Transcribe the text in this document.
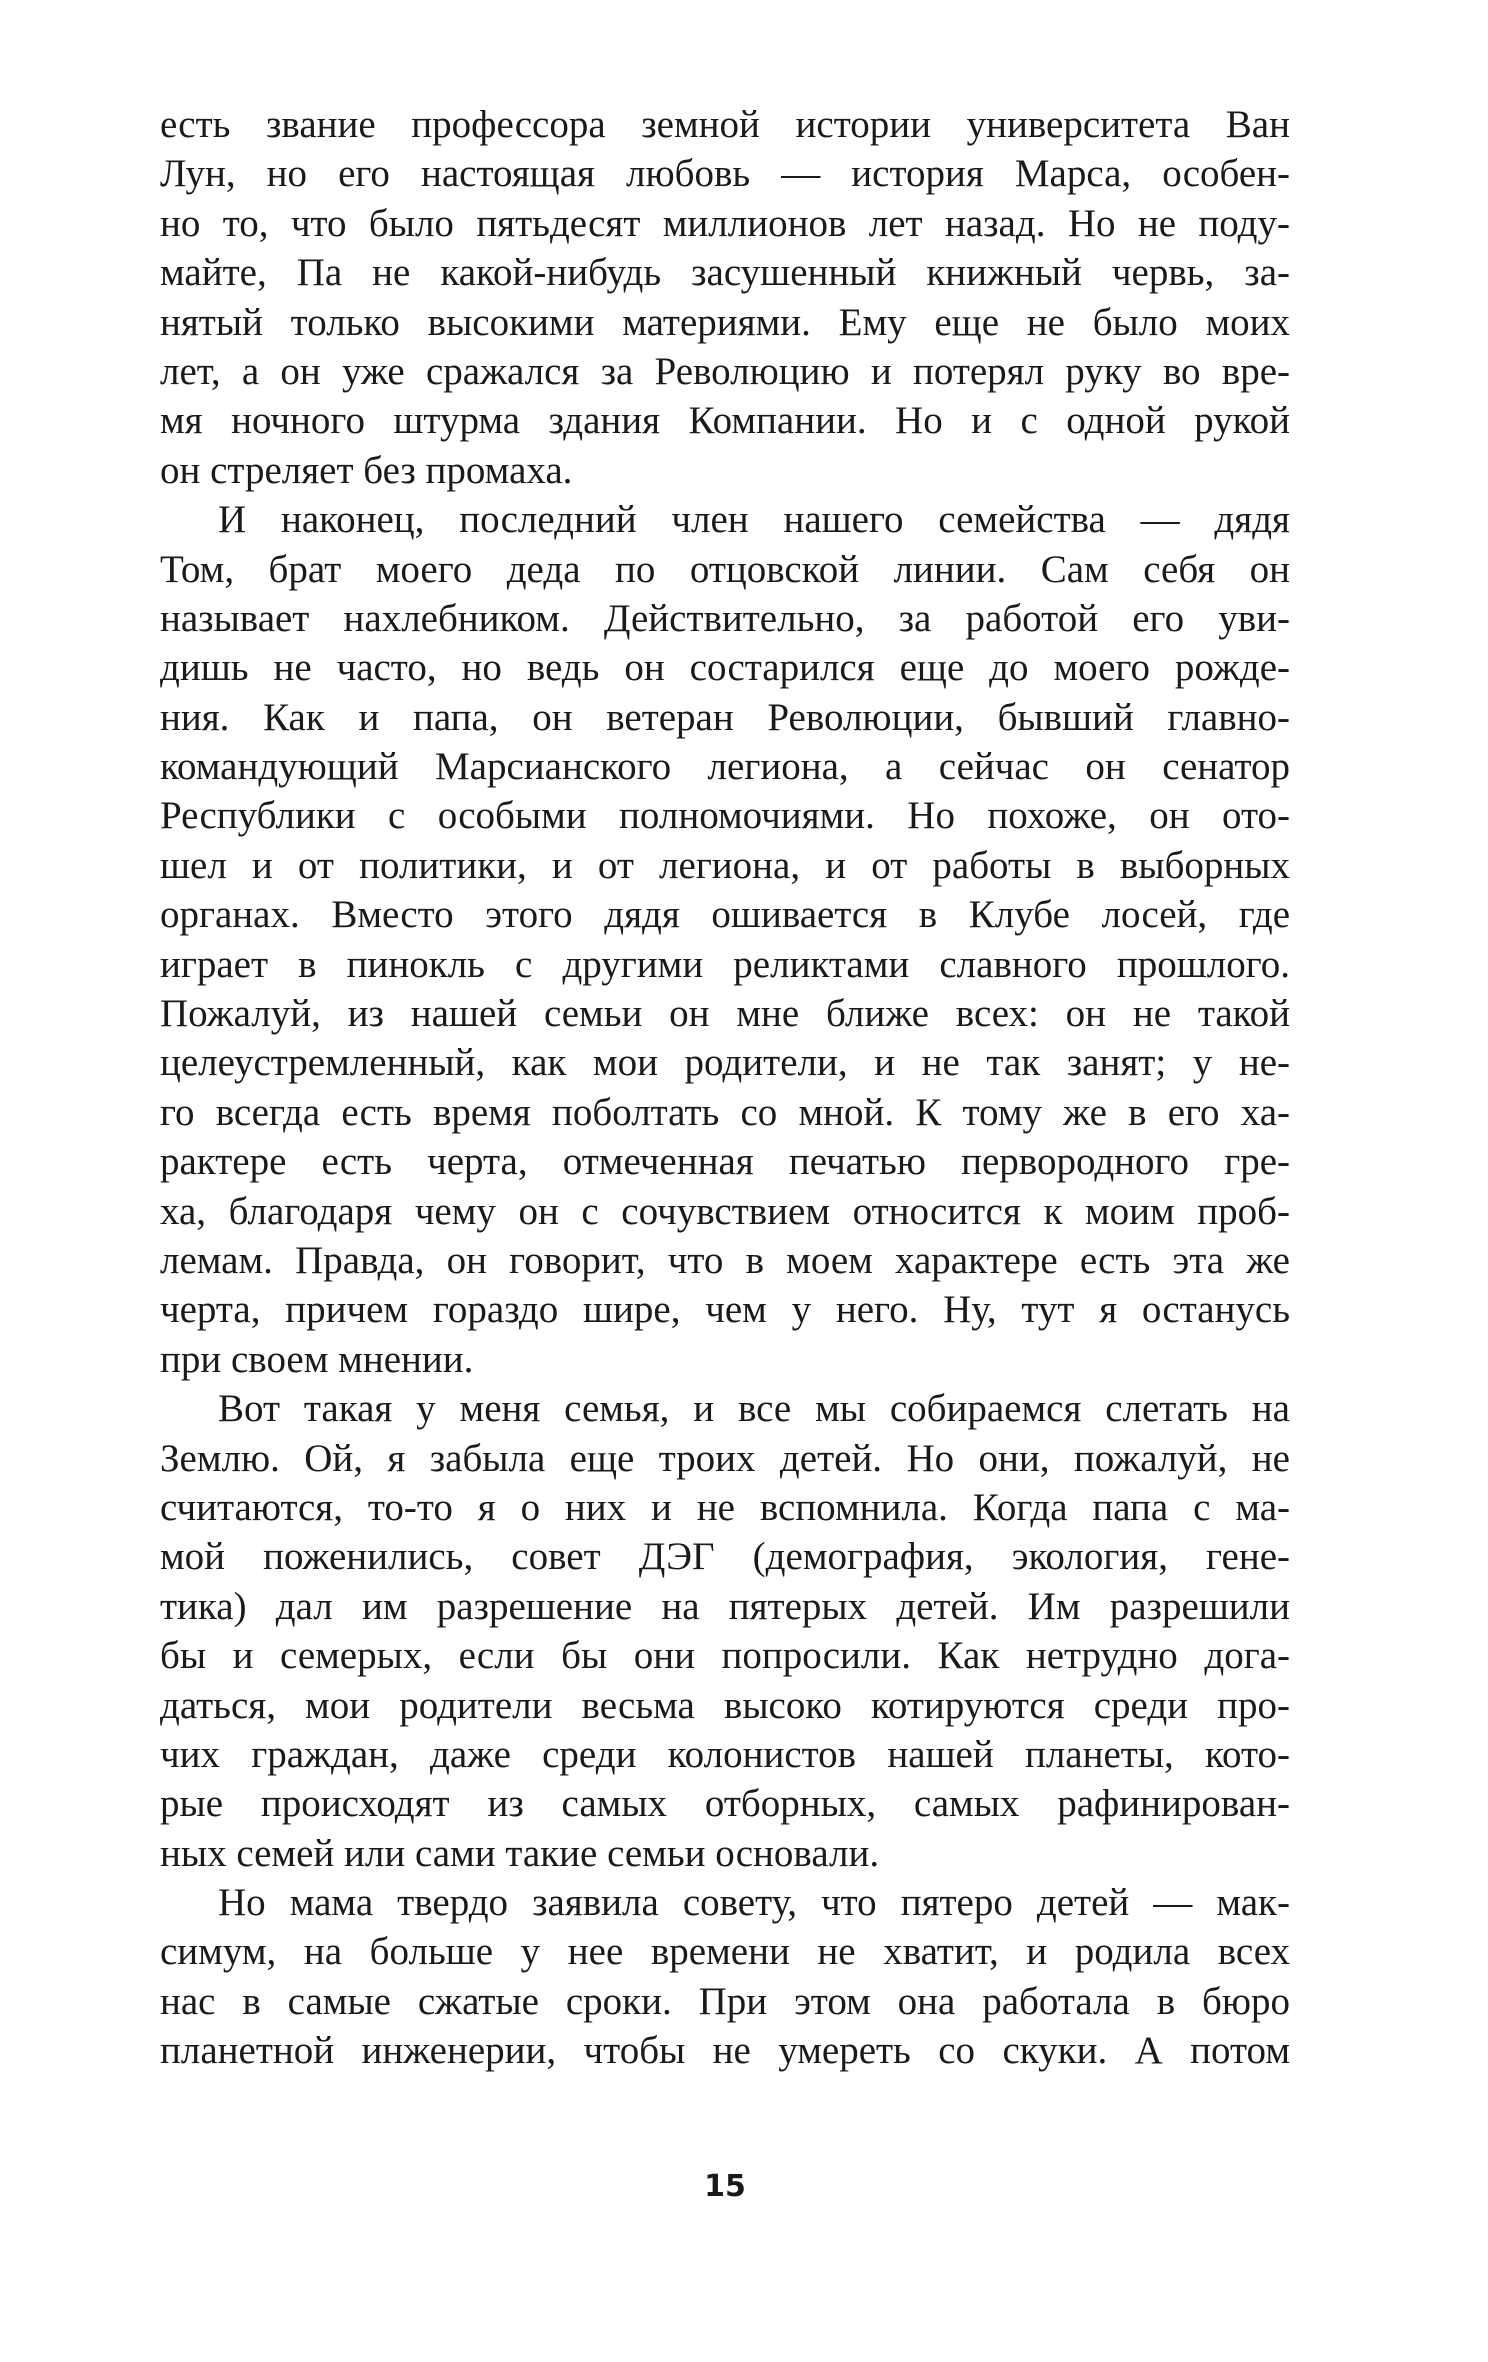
есть звание профессора земной истории университета Ван
Лун, но его настоящая любовь — история Марса, особен-
но то, что было пятьдесят миллионов лет назад. Но не поду-
майте, Па не какой-нибудь засушенный книжный червь, за-
нятый только высокими материями. Ему еще не было моих
лет, а он уже сражался за Революцию и потерял руку во вре-
мя ночного штурма здания Компании. Но и с одной рукой
он стреляет без промаха.
И наконец, последний член нашего семейства — дядя
Том, брат моего деда по отцовской линии. Сам себя он
называет нахлебником. Действительно, за работой его уви-
дишь не часто, но ведь он состарился еще до моего рожде-
ния. Как и папа, он ветеран Революции, бывший главно-
командующий Марсианского легиона, а сейчас он сенатор
Республики с особыми полномочиями. Но похоже, он ото-
шел и от политики, и от легиона, и от работы в выборных
органах. Вместо этого дядя ошивается в Клубе лосей, где
играет в пинокль с другими реликтами славного прошлого.
Пожалуй, из нашей семьи он мне ближе всех: он не такой
целеустремленный, как мои родители, и не так занят; у не-
го всегда есть время поболтать со мной. К тому же в его ха-
рактере есть черта, отмеченная печатью первородного гре-
ха, благодаря чему он с сочувствием относится к моим проб-
лемам. Правда, он говорит, что в моем характере есть эта же
черта, причем гораздо шире, чем у него. Ну, тут я останусь
при своем мнении.
Вот такая у меня семья, и все мы собираемся слетать на
Землю. Ой, я забыла еще троих детей. Но они, пожалуй, не
считаются, то-то я о них и не вспомнила. Когда папа с ма-
мой поженились, совет ДЭГ (демография, экология, гене-
тика) дал им разрешение на пятерых детей. Им разрешили
бы и семерых, если бы они попросили. Как нетрудно дога-
даться, мои родители весьма высоко котируются среди про-
чих граждан, даже среди колонистов нашей планеты, кото-
рые происходят из самых отборных, самых рафинирован-
ных семей или сами такие семьи основали.
Но мама твердо заявила совету, что пятеро детей — мак-
симум, на больше у нее времени не хватит, и родила всех
нас в самые сжатые сроки. При этом она работала в бюро
планетной инженерии, чтобы не умереть со скуки. А потом
15
